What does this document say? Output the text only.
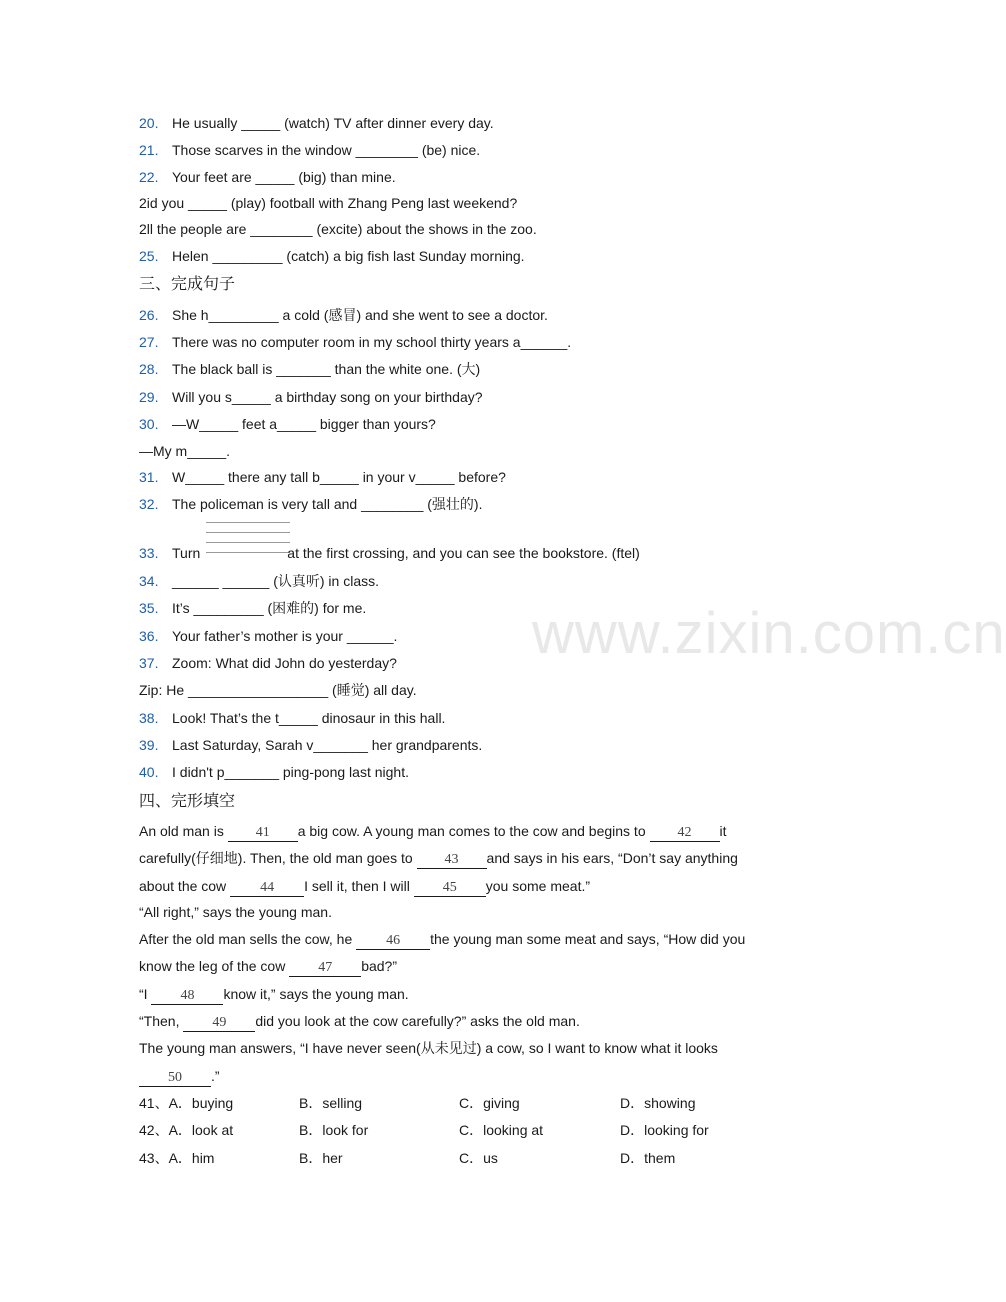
www.zixin.com.cn
20. He usually _____ (watch) TV after dinner every day.
21. Those scarves in the window ________ (be) nice.
22. Your feet are _____ (big) than mine.
2id you _____ (play) football with Zhang Peng last weekend?
2ll the people are ________ (excite) about the shows in the zoo.
25. Helen _________ (catch) a big fish last Sunday morning.
三、完成句子
26. She h_________ a cold (感冒) and she went to see a doctor.
27. There was no computer room in my school thirty years a______.
28. The black ball is _______ than the white one. (大)
29. Will you s_____ a birthday song on your birthday?
30. —W_____ feet a_____ bigger than yours?
—My m_____.
31. W_____ there any tall b_____ in your v_____ before?
32. The policeman is very tall and ________ (强壮的).
33. Turn	at the first crossing, and you can see the bookstore. (ftel)
34. ______ ______ (认真听) in class.
35. It’s _________ (困难的) for me.
36. Your father’s mother is your ______.
37. Zoom: What did John do yesterday?
Zip: He __________________ (睡觉) all day.
38. Look! That’s the t_____ dinosaur in this hall.
39. Last Saturday, Sarah v_______ her grandparents.
40. I didn't p_______ ping-pong last night.
四、完形填空
An old man is 41 a big cow. A young man comes to the cow and begins to 42 it
carefully(仔细地). Then, the old man goes to 43 and says in his ears, “Don’t say anything
about the cow 44 I sell it, then I will 45 you some meat.”
“All right,” says the young man.
After the old man sells the cow, he 46 the young man some meat and says, “How did you
know the leg of the cow 47 bad?”
“I 48 know it,” says the young man.
“Then, 49 did you look at the cow carefully?” asks the old man.
The young man answers, “I have never seen(从未见过) a cow, so I want to know what it looks
50 .”
41、A．buying	B．selling	C．giving	D．showing
42、A．look at	B．look for	C．looking at	D．looking for
43、A．him	B．her	C．us	D．them
